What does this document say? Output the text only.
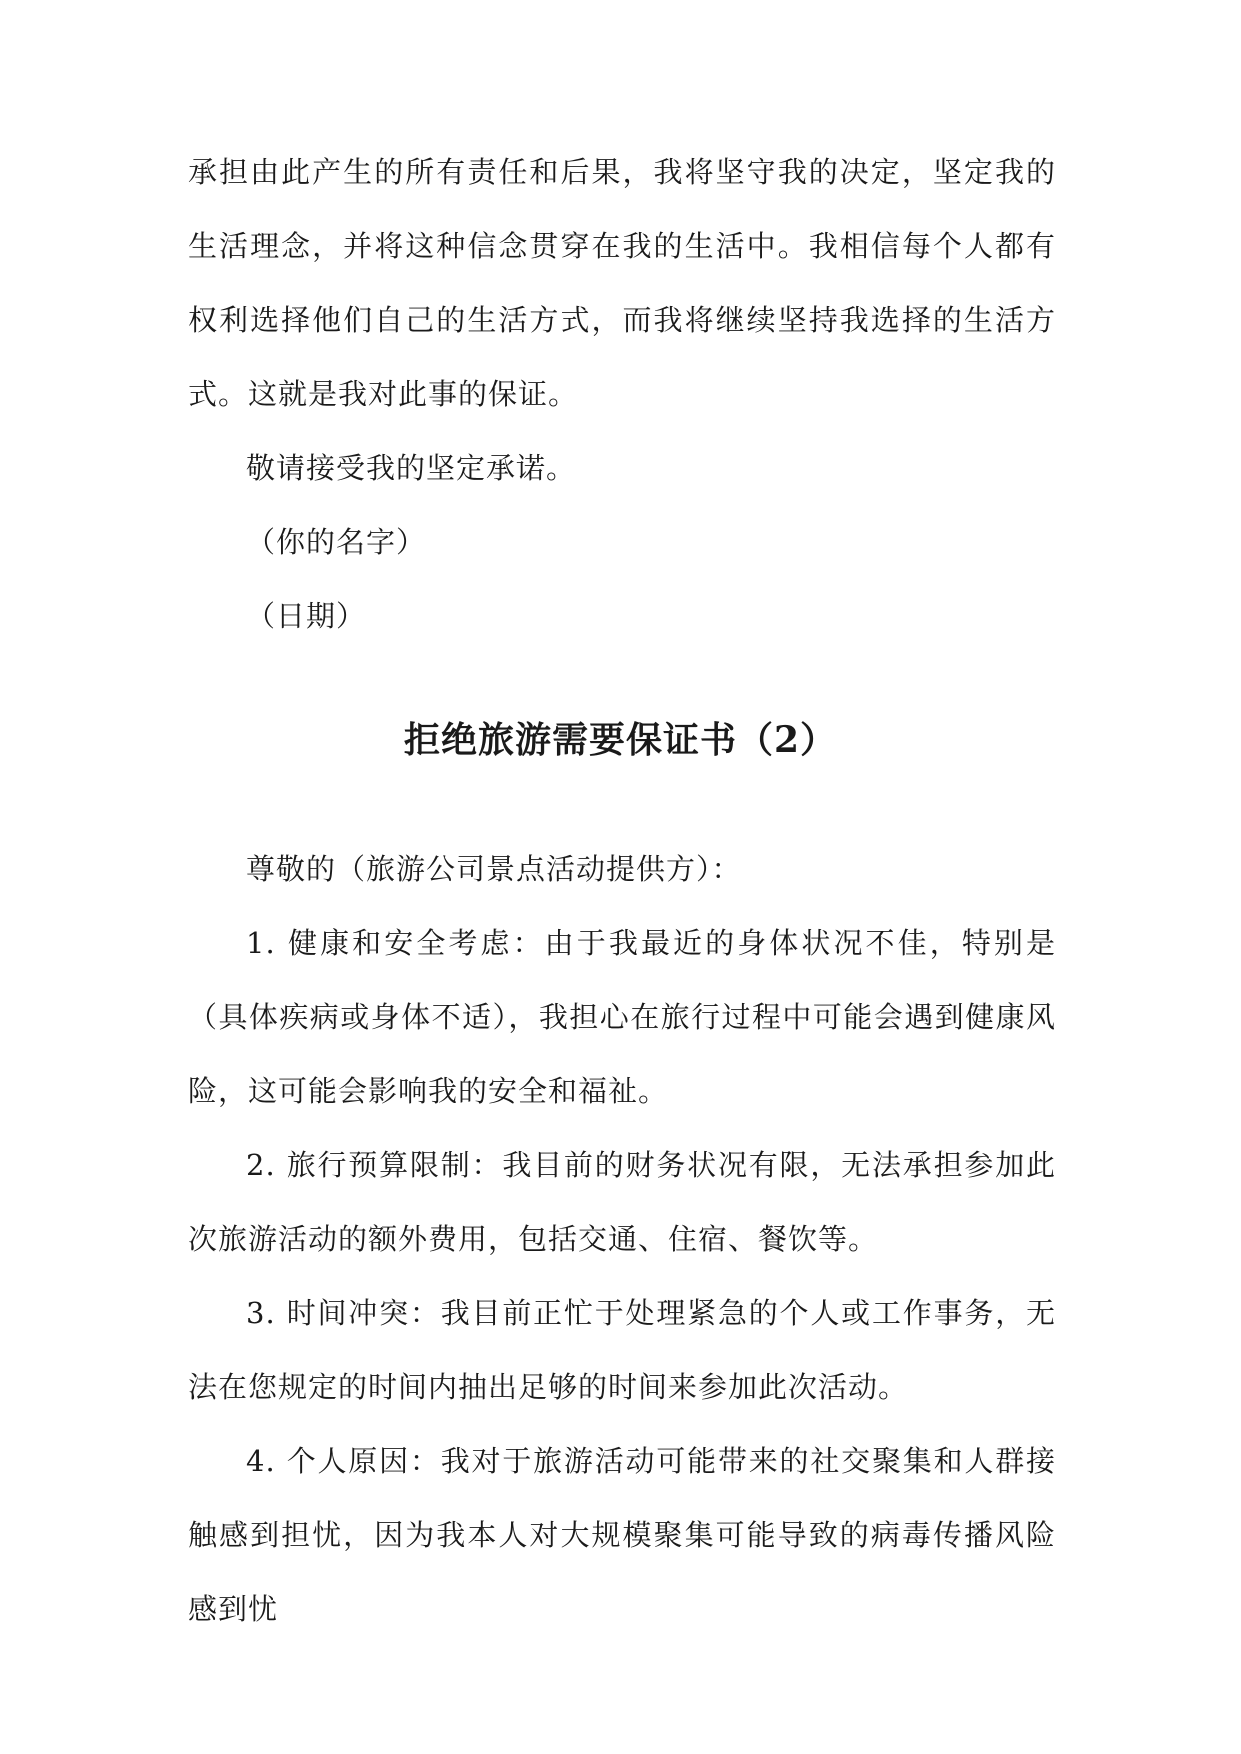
承担由此产生的所有责任和后果，我将坚守我的决定，坚定我的生活理念，并将这种信念贯穿在我的生活中。我相信每个人都有权利选择他们自己的生活方式，而我将继续坚持我选择的生活方式。这就是我对此事的保证。

敬请接受我的坚定承诺。

（你的名字）

（日期）

拒绝旅游需要保证书（2）

尊敬的（旅游公司景点活动提供方）：

1. 健康和安全考虑：由于我最近的身体状况不佳，特别是（具体疾病或身体不适），我担心在旅行过程中可能会遇到健康风险，这可能会影响我的安全和福祉。

2. 旅行预算限制：我目前的财务状况有限，无法承担参加此次旅游活动的额外费用，包括交通、住宿、餐饮等。

3. 时间冲突：我目前正忙于处理紧急的个人或工作事务，无法在您规定的时间内抽出足够的时间来参加此次活动。

4. 个人原因：我对于旅游活动可能带来的社交聚集和人群接触感到担忧，因为我本人对大规模聚集可能导致的病毒传播风险感到忧
